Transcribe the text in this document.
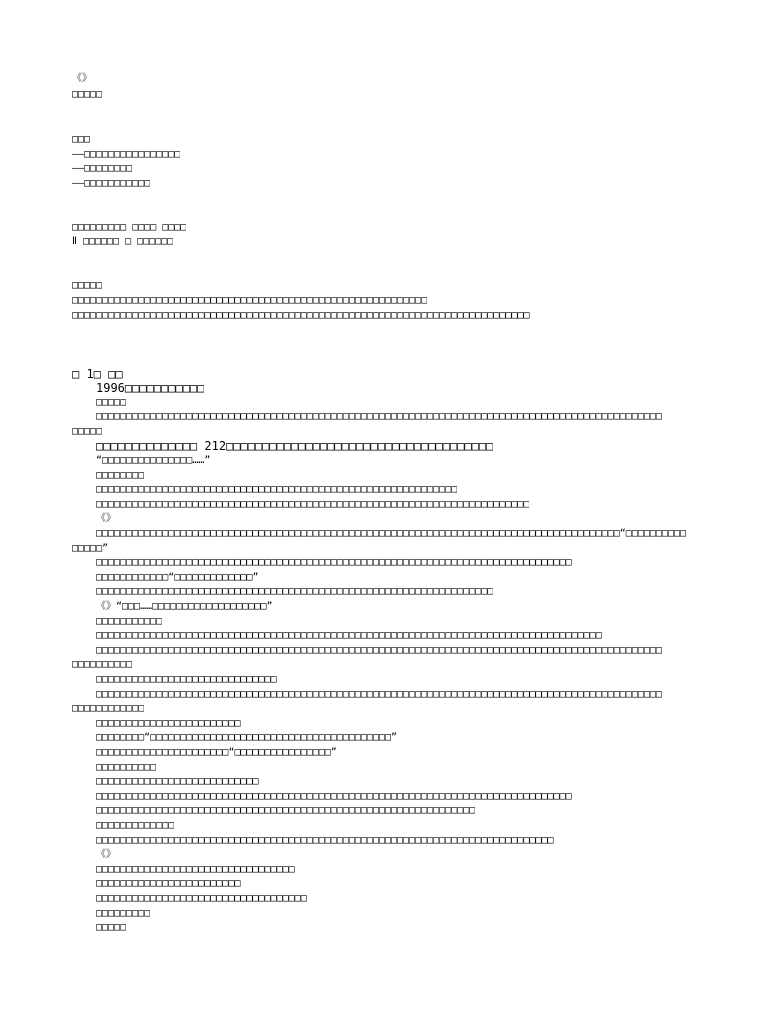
《》
□□□□□
□□□
——□□□□□□□□□□□□□□□□
——□□□□□□□□
——□□□□□□□□□□□
□□□□□□□□□ □□□□ □□□□
Ⅱ □□□□□□ □ □□□□□□
□□□□□
□□□□□□□□□□□□□□□□□□□□□□□□□□□□□□□□□□□□□□□□□□□□□□□□□□□□□□□□□□□
□□□□□□□□□□□□□□□□□□□□□□□□□□□□□□□□□□□□□□□□□□□□□□□□□□□□□□□□□□□□□□□□□□□□□□□□□□□□
□ 1□ □□
1996□□□□□□□□□□□
□□□□□
□□□□□□□□□□□□□□□□□□□□□□□□□□□□□□□□□□□□□□□□□□□□□□□□□□□□□□□□□□□□□□□□□□□□□□□□□□□□□□□□□□□□□□□□□□□□□□
□□□□□
□□□□□□□□□□□□□□ 212□□□□□□□□□□□□□□□□□□□□□□□□□□□□□□□□□□□□□
“□□□□□□□□□□□□□□□……”
□□□□□□□□
□□□□□□□□□□□□□□□□□□□□□□□□□□□□□□□□□□□□□□□□□□□□□□□□□□□□□□□□□□□□
□□□□□□□□□□□□□□□□□□□□□□□□□□□□□□□□□□□□□□□□□□□□□□□□□□□□□□□□□□□□□□□□□□□□□□□□
《》
□□□□□□□□□□□□□□□□□□□□□□□□□□□□□□□□□□□□□□□□□□□□□□□□□□□□□□□□□□□□□□□□□□□□□□□□□□□□□□□□□□□□□□□“□□□□□□□□□□
□□□□□”
□□□□□□□□□□□□□□□□□□□□□□□□□□□□□□□□□□□□□□□□□□□□□□□□□□□□□□□□□□□□□□□□□□□□□□□□□□□□□□□
□□□□□□□□□□□□“□□□□□□□□□□□□□”
□□□□□□□□□□□□□□□□□□□□□□□□□□□□□□□□□□□□□□□□□□□□□□□□□□□□□□□□□□□□□□□□□□
《》“□□□……□□□□□□□□□□□□□□□□□□□”
□□□□□□□□□□□
□□□□□□□□□□□□□□□□□□□□□□□□□□□□□□□□□□□□□□□□□□□□□□□□□□□□□□□□□□□□□□□□□□□□□□□□□□□□□□□□□□□□
□□□□□□□□□□□□□□□□□□□□□□□□□□□□□□□□□□□□□□□□□□□□□□□□□□□□□□□□□□□□□□□□□□□□□□□□□□□□□□□□□□□□□□□□□□□□□□
□□□□□□□□□□
□□□□□□□□□□□□□□□□□□□□□□□□□□□□□□
□□□□□□□□□□□□□□□□□□□□□□□□□□□□□□□□□□□□□□□□□□□□□□□□□□□□□□□□□□□□□□□□□□□□□□□□□□□□□□□□□□□□□□□□□□□□□□
□□□□□□□□□□□□
□□□□□□□□□□□□□□□□□□□□□□□□
□□□□□□□□“□□□□□□□□□□□□□□□□□□□□□□□□□□□□□□□□□□□□□□□□”
□□□□□□□□□□□□□□□□□□□□□□“□□□□□□□□□□□□□□□□”
□□□□□□□□□□
□□□□□□□□□□□□□□□□□□□□□□□□□□□
□□□□□□□□□□□□□□□□□□□□□□□□□□□□□□□□□□□□□□□□□□□□□□□□□□□□□□□□□□□□□□□□□□□□□□□□□□□□□□□
□□□□□□□□□□□□□□□□□□□□□□□□□□□□□□□□□□□□□□□□□□□□□□□□□□□□□□□□□□□□□□□
□□□□□□□□□□□□□
□□□□□□□□□□□□□□□□□□□□□□□□□□□□□□□□□□□□□□□□□□□□□□□□□□□□□□□□□□□□□□□□□□□□□□□□□□□□
《》
□□□□□□□□□□□□□□□□□□□□□□□□□□□□□□□□□
□□□□□□□□□□□□□□□□□□□□□□□□
□□□□□□□□□□□□□□□□□□□□□□□□□□□□□□□□□□□
□□□□□□□□□
□□□□□
